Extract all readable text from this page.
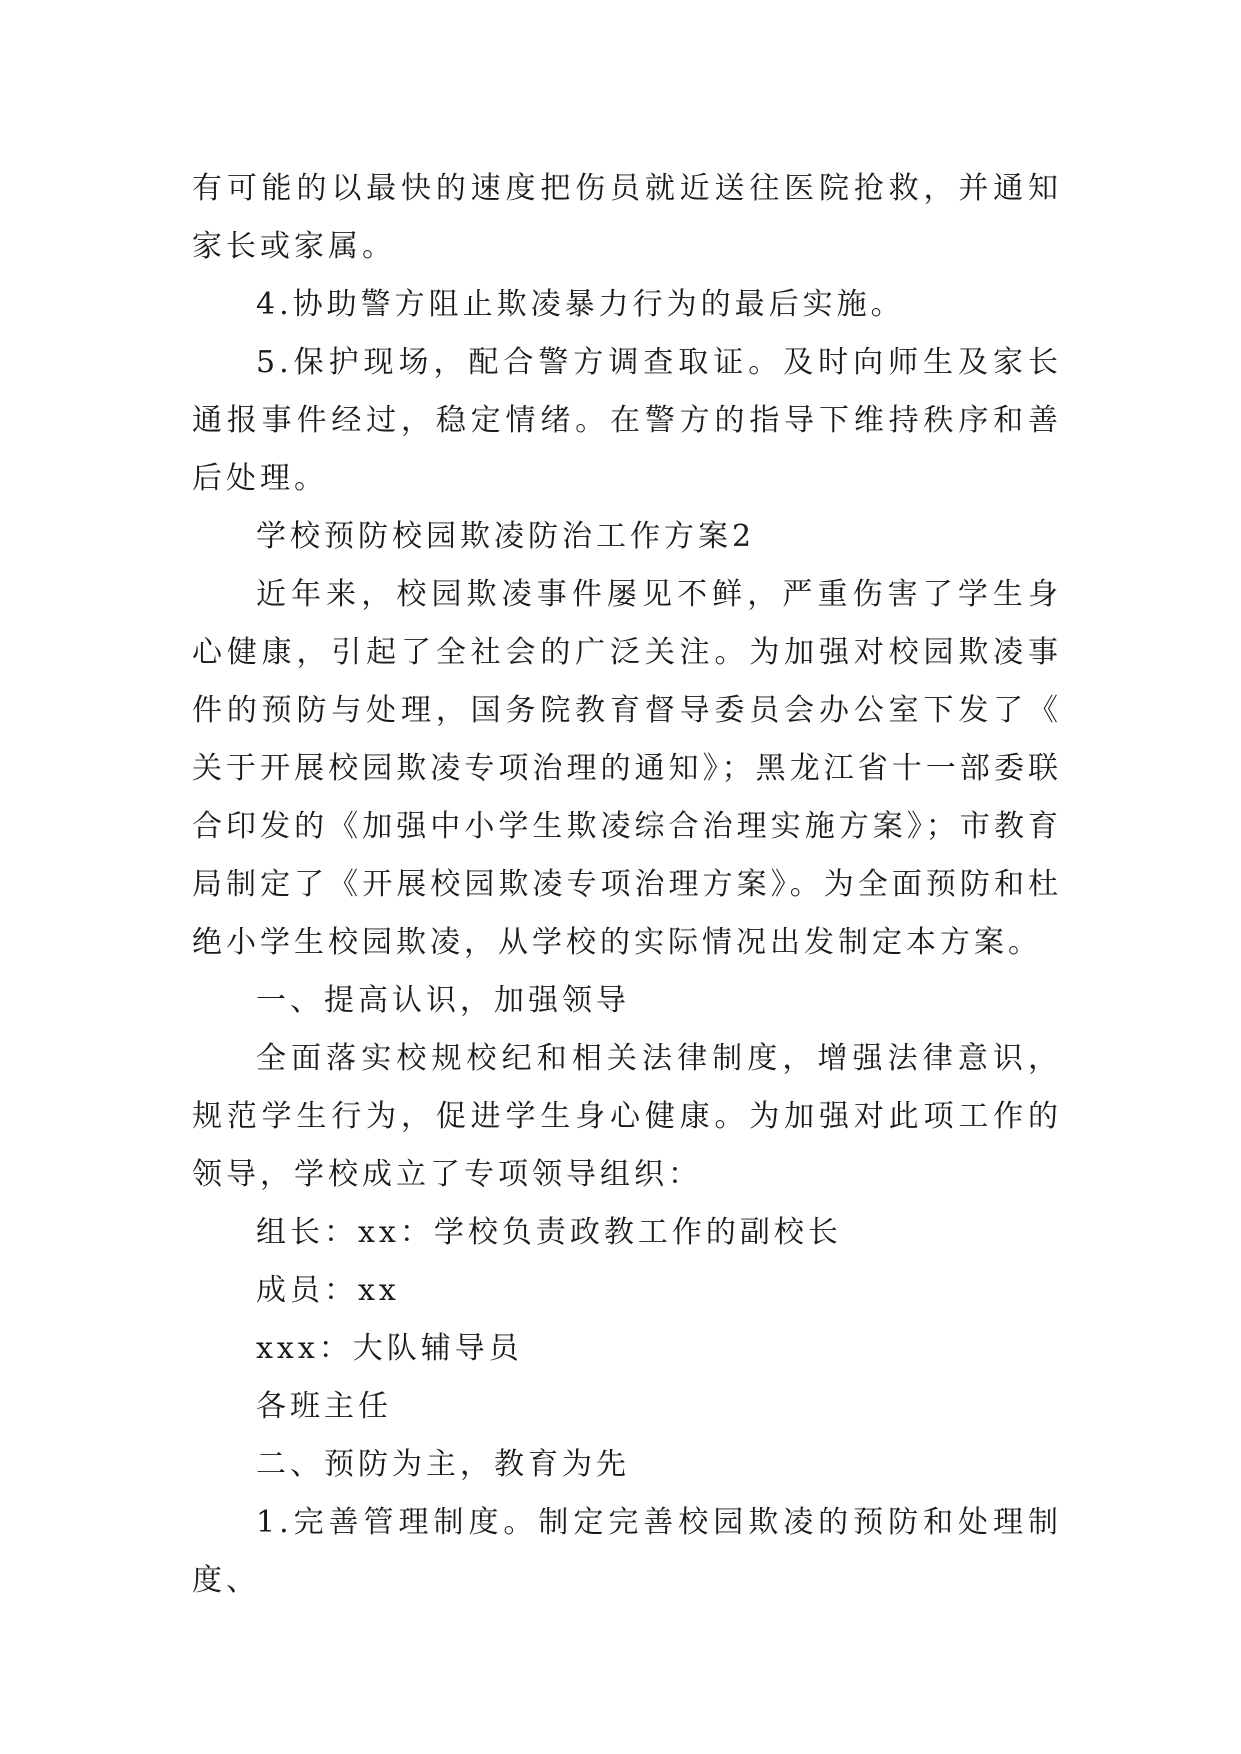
有可能的以最快的速度把伤员就近送往医院抢救，并通知家长或家属。

4.协助警方阻止欺凌暴力行为的最后实施。

5.保护现场，配合警方调查取证。及时向师生及家长通报事件经过，稳定情绪。在警方的指导下维持秩序和善后处理。

学校预防校园欺凌防治工作方案2

近年来，校园欺凌事件屡见不鲜，严重伤害了学生身心健康，引起了全社会的广泛关注。为加强对校园欺凌事件的预防与处理，国务院教育督导委员会办公室下发了《关于开展校园欺凌专项治理的通知》；黑龙江省十一部委联合印发的《加强中小学生欺凌综合治理实施方案》；市教育局制定了《开展校园欺凌专项治理方案》。为全面预防和杜绝小学生校园欺凌，从学校的实际情况出发制定本方案。

一、提高认识，加强领导

全面落实校规校纪和相关法律制度，增强法律意识，规范学生行为，促进学生身心健康。为加强对此项工作的领导，学校成立了专项领导组织：

组长：xx：学校负责政教工作的副校长

成员：xx

xxx：大队辅导员

各班主任

二、预防为主，教育为先

1.完善管理制度。制定完善校园欺凌的预防和处理制度、
